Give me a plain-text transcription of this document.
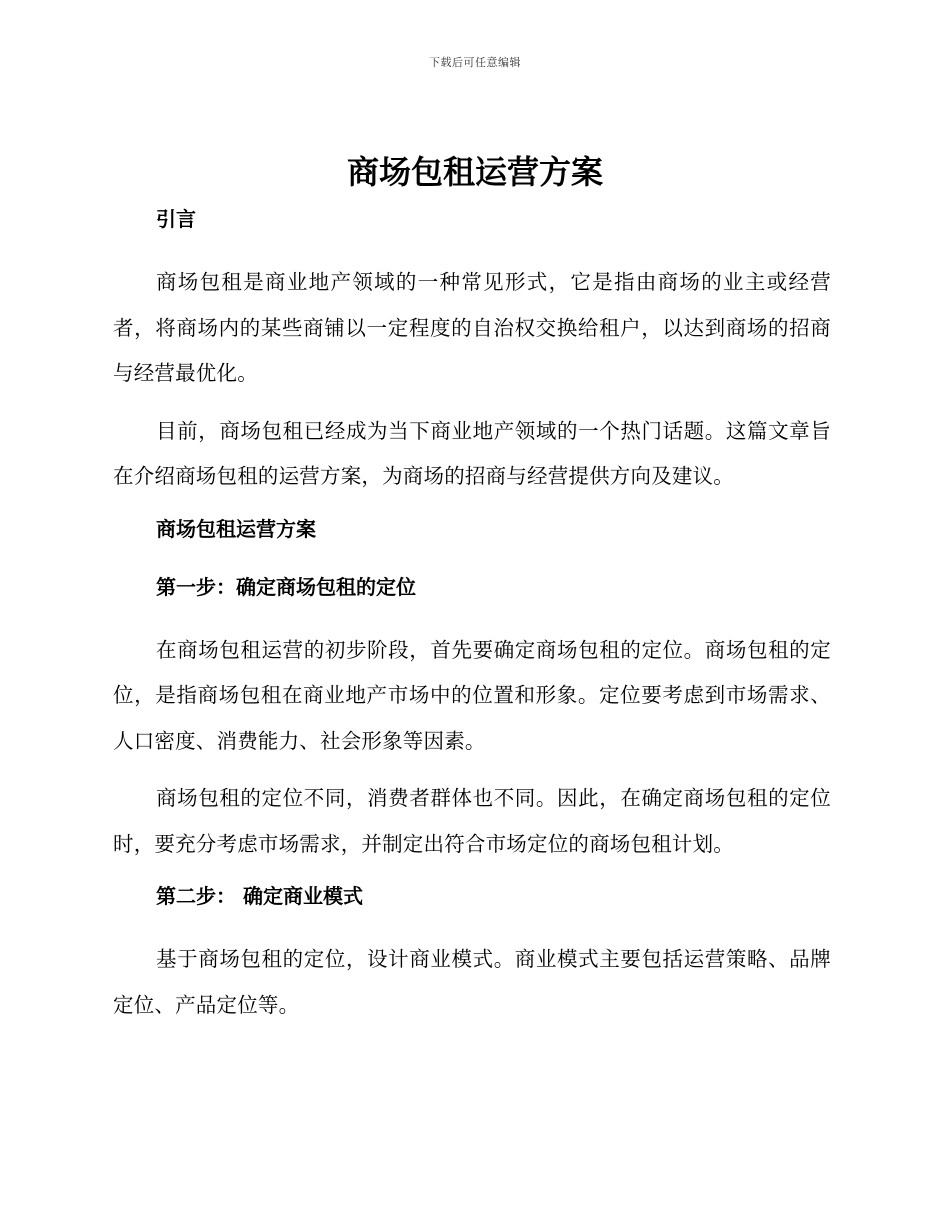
下载后可任意编辑
商场包租运营方案
引言

商场包租是商业地产领域的一种常见形式，它是指由商场的业主或经营者，将商场内的某些商铺以一定程度的自治权交换给租户，以达到商场的招商与经营最优化。

目前，商场包租已经成为当下商业地产领域的一个热门话题。这篇文章旨在介绍商场包租的运营方案，为商场的招商与经营提供方向及建议。

商场包租运营方案
第一步：确定商场包租的定位

在商场包租运营的初步阶段，首先要确定商场包租的定位。商场包租的定位，是指商场包租在商业地产市场中的位置和形象。定位要考虑到市场需求、人口密度、消费能力、社会形象等因素。

商场包租的定位不同，消费者群体也不同。因此，在确定商场包租的定位时，要充分考虑市场需求，并制定出符合市场定位的商场包租计划。

第二步： 确定商业模式

基于商场包租的定位，设计商业模式。商业模式主要包括运营策略、品牌定位、产品定位等。
